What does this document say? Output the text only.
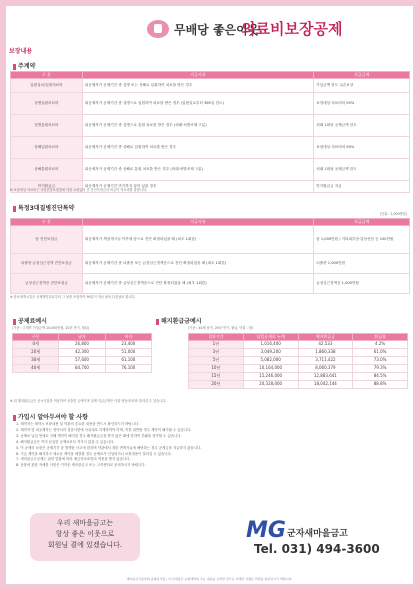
무배당 좋은이웃
의료비보장공제
보장내용
주계약
구 분	지급사유	지급금액
입원실료/입원의료비	피공제자가 공제기간 중 질병 또는 상해로 입원하여 치료를 받은 경우	가입금액 한도 실손보상
질병입원의료비	피공제자가 공제기간 중 질병으로 입원하여 치료를 받은 경우 (입원일로부터 365일 한도)	보장대상 의료비의 90%
질병통원의료비	피공제자가 공제기간 중 질병으로 통원 치료를 받은 경우 (외래·처방조제 구분)	외래 1회당 공제금액 한도
상해입원의료비	피공제자가 공제기간 중 상해로 입원하여 치료를 받은 경우	보장대상 의료비의 90%
상해통원의료비	피공제자가 공제기간 중 상해로 통원 치료를 받은 경우 (외래·처방조제 구분)	외래 1회당 공제금액 한도
만기환급금	피공제자가 공제기간 만기까지 살아 있을 경우	만기환급금 지급
※ 보장대상 의료비는 국민건강보험법에 의한 요양급여 중 본인부담금과 비급여 의료비를 말합니다.
특정3대질병진단특약
(단위 : 1,000만원)
구 분	지급사유	지급금액
암 진단보험금	피공제자가 책임개시일 이후에 암으로 진단 확정되었을 때 (최초 1회한)	암 1,000만원 / 기타피부암·갑상선암 등 100만원
뇌졸중·급성심근경색 진단보험금	피공제자가 공제기간 중 뇌졸중 또는 급성심근경색증으로 진단 확정되었을 때 (최초 1회한)	뇌졸중 1,000만원
급성심근경색증 진단보험금	피공제자가 공제기간 중 급성심근경색증으로 진단 확정되었을 때 (최초 1회한)	급성심근경색증 1,000만원
※ 암보장개시일은 공제계약일로부터 그 날을 포함하여 90일이 지난 날의 다음날로 합니다.
공제료예시
(기준 : 주계약 가입금액 10,000만원, 20년 만기, 월납)
구분	남자	여자
0세	26,800	23,400
20세	42,300	51,000
30세	57,600	61,100
40세	84,700	76,100
해지환급금예시
(기준 : 40세 남자, 20년 만기, 월납, 단위 : 원)
경과기간	납입공제료 누계	해지환급금	환급률
1년	1,016,400	42,533	4.2%
3년	3,049,200	1,860,338	61.0%
5년	5,082,000	3,711,422	73.0%
10년	10,164,000	8,060,379	79.3%
15년	15,246,000	12,883,641	84.5%
20년	20,328,000	18,042,144	88.8%
※ 위 해지환급금은 공시이율을 적용하여 산출한 금액이며 실제 지급금액은 이율 변동에 따라 달라질 수 있습니다.
가입시 알아두셔야 할 사항
1. 계약자는 계약시 보장내용 및 약관의 중요한 내용을 반드시 확인하시기 바랍니다.
2. 계약자 및 피공제자는 청약서의 질문사항에 사실대로 기재하여야 하며, 이를 위반할 경우 계약이 해지될 수 있습니다.
3. 공제료 납입 연체로 인해 계약이 해지된 경우 해지환급금을 받지 않은 때에 한하여 부활을 청약할 수 있습니다.
4. 해지환급금은 이미 납입한 공제료보다 적거나 없을 수 있습니다.
5. 이 공제의 보장은 공제기간 중 발생한 사고에 한하며 약관에서 정한 면책사유에 해당하는 경우 공제금을 지급하지 않습니다.
6. 기존 계약을 해지하고 새로운 계약을 체결할 경우 공제료가 인상되거나 보장내용이 달라질 수 있습니다.
7. 새마을금고공제는 관련 법률에 따라 예금자보호법의 적용을 받지 않습니다.
8. 상품에 관한 자세한 사항은 가까운 새마을금고 또는 고객센터로 문의하시기 바랍니다.
우리 새마을금고는
항상 좋은 이웃으로
회원님 곁에 있겠습니다.
MG 군자새마을금고
Tel. 031) 494-3600
새마을금고중앙회 공제심사필 | 이 안내장은 보험계약의 주요 내용을 요약한 것으로 자세한 사항은 약관을 참조하시기 바랍니다.
